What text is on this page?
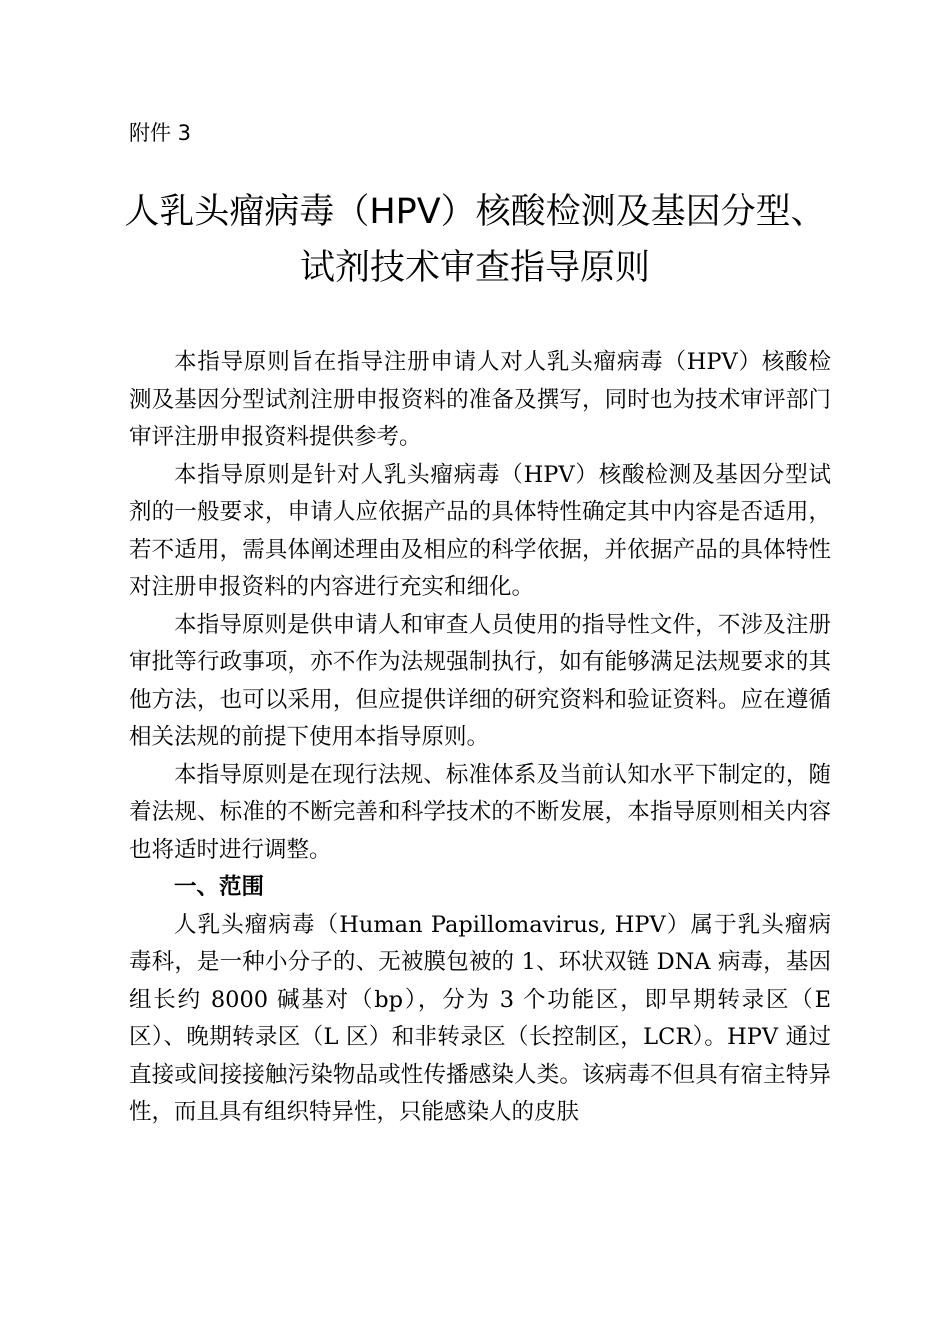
附件 3
人乳头瘤病毒（HPV）核酸检测及基因分型、
试剂技术审查指导原则

本指导原则旨在指导注册申请人对人乳头瘤病毒（HPV）核酸检测及基因分型试剂注册申报资料的准备及撰写，同时也为技术审评部门审评注册申报资料提供参考。

本指导原则是针对人乳头瘤病毒（HPV）核酸检测及基因分型试剂的一般要求，申请人应依据产品的具体特性确定其中内容是否适用，若不适用，需具体阐述理由及相应的科学依据，并依据产品的具体特性对注册申报资料的内容进行充实和细化。

本指导原则是供申请人和审查人员使用的指导性文件，不涉及注册审批等行政事项，亦不作为法规强制执行，如有能够满足法规要求的其他方法，也可以采用，但应提供详细的研究资料和验证资料。应在遵循相关法规的前提下使用本指导原则。

本指导原则是在现行法规、标准体系及当前认知水平下制定的，随着法规、标准的不断完善和科学技术的不断发展，本指导原则相关内容也将适时进行调整。

一、范围

人乳头瘤病毒（Human Papillomavirus, HPV）属于乳头瘤病毒科，是一种小分子的、无被膜包被的 1、环状双链 DNA 病毒，基因组长约 8000 碱基对（bp），分为 3 个功能区，即早期转录区（E 区）、晚期转录区（L 区）和非转录区（长控制区，LCR）。HPV 通过直接或间接接触污染物品或性传播感染人类。该病毒不但具有宿主特异性，而且具有组织特异性，只能感染人的皮肤
